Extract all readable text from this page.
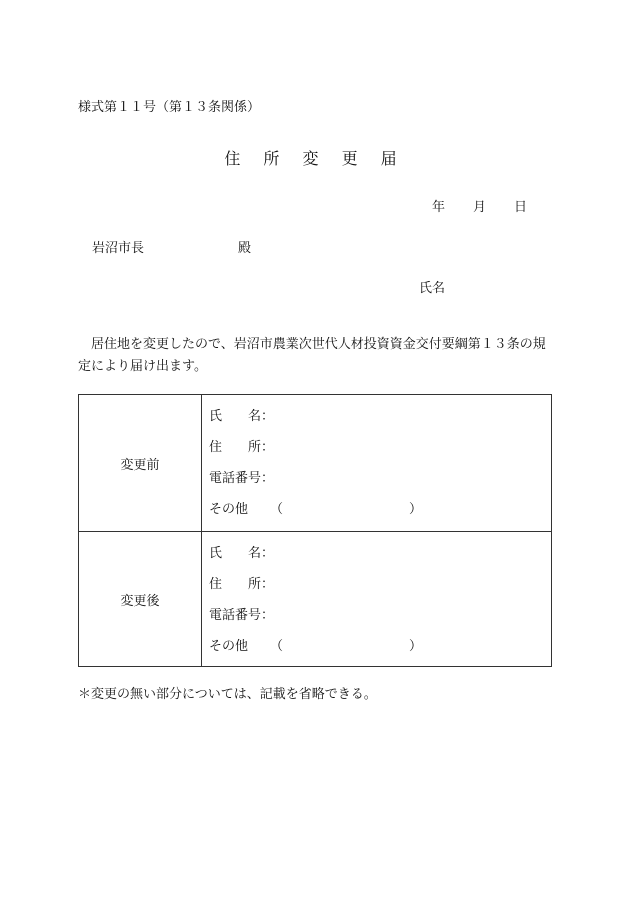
様式第１１号（第１３条関係）
住 所 変 更 届
年 月 日
岩沼市長	殿
氏名
居住地を変更したので、岩沼市農業次世代人材投資資金交付要綱第１３条の規定により届け出ます。
変更前
氏　　名：
住　　所：
電話番号：
その他 （	）
変更後
氏　　名：
住　　所：
電話番号：
その他 （	）
＊変更の無い部分については、記載を省略できる。
